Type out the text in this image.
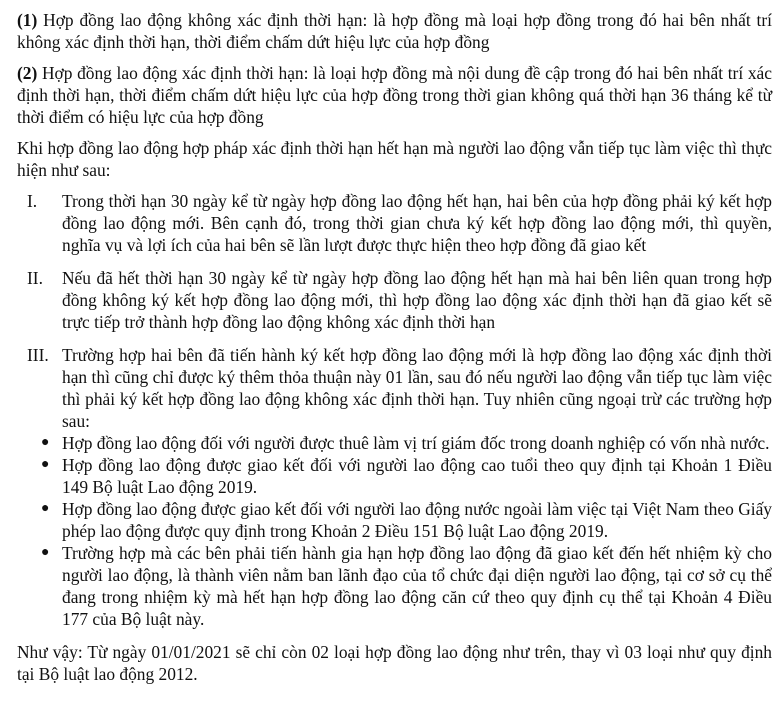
(1) Hợp đồng lao động không xác định thời hạn: là hợp đồng mà loại hợp đồng trong đó hai bên nhất trí không xác định thời hạn, thời điểm chấm dứt hiệu lực của hợp đồng

(2) Hợp đồng lao động xác định thời hạn: là loại hợp đồng mà nội dung đề cập trong đó hai bên nhất trí xác định thời hạn, thời điểm chấm dứt hiệu lực của hợp đồng trong thời gian không quá thời hạn 36 tháng kể từ thời điểm có hiệu lực của hợp đồng

Khi hợp đồng lao động hợp pháp xác định thời hạn hết hạn mà người lao động vẫn tiếp tục làm việc thì thực hiện như sau:

I. Trong thời hạn 30 ngày kể từ ngày hợp đồng lao động hết hạn, hai bên của hợp đồng phải ký kết hợp đồng lao động mới. Bên cạnh đó, trong thời gian chưa ký kết hợp đồng lao động mới, thì quyền, nghĩa vụ và lợi ích của hai bên sẽ lần lượt được thực hiện theo hợp đồng đã giao kết

II. Nếu đã hết thời hạn 30 ngày kể từ ngày hợp đồng lao động hết hạn mà hai bên liên quan trong hợp đồng không ký kết hợp đồng lao động mới, thì hợp đồng lao động xác định thời hạn đã giao kết sẽ trực tiếp trở thành hợp đồng lao động không xác định thời hạn

III. Trường hợp hai bên đã tiến hành ký kết hợp đồng lao động mới là hợp đồng lao động xác định thời hạn thì cũng chỉ được ký thêm thỏa thuận này 01 lần, sau đó nếu người lao động vẫn tiếp tục làm việc thì phải ký kết hợp đồng lao động không xác định thời hạn. Tuy nhiên cũng ngoại trừ các trường hợp sau:

● Hợp đồng lao động đối với người được thuê làm vị trí giám đốc trong doanh nghiệp có vốn nhà nước.

● Hợp đồng lao động được giao kết đối với người lao động cao tuổi theo quy định tại Khoản 1 Điều 149 Bộ luật Lao động 2019.

● Hợp đồng lao động được giao kết đối với người lao động nước ngoài làm việc tại Việt Nam theo Giấy phép lao động được quy định trong Khoản 2 Điều 151 Bộ luật Lao động 2019.

● Trường hợp mà các bên phải tiến hành gia hạn hợp đồng lao động đã giao kết đến hết nhiệm kỳ cho người lao động, là thành viên nằm ban lãnh đạo của tổ chức đại diện người lao động, tại cơ sở cụ thể đang trong nhiệm kỳ mà hết hạn hợp đồng lao động căn cứ theo quy định cụ thể tại Khoản 4 Điều 177 của Bộ luật này.

Như vậy: Từ ngày 01/01/2021 sẽ chỉ còn 02 loại hợp đồng lao động như trên, thay vì 03 loại như quy định tại Bộ luật lao động 2012.
